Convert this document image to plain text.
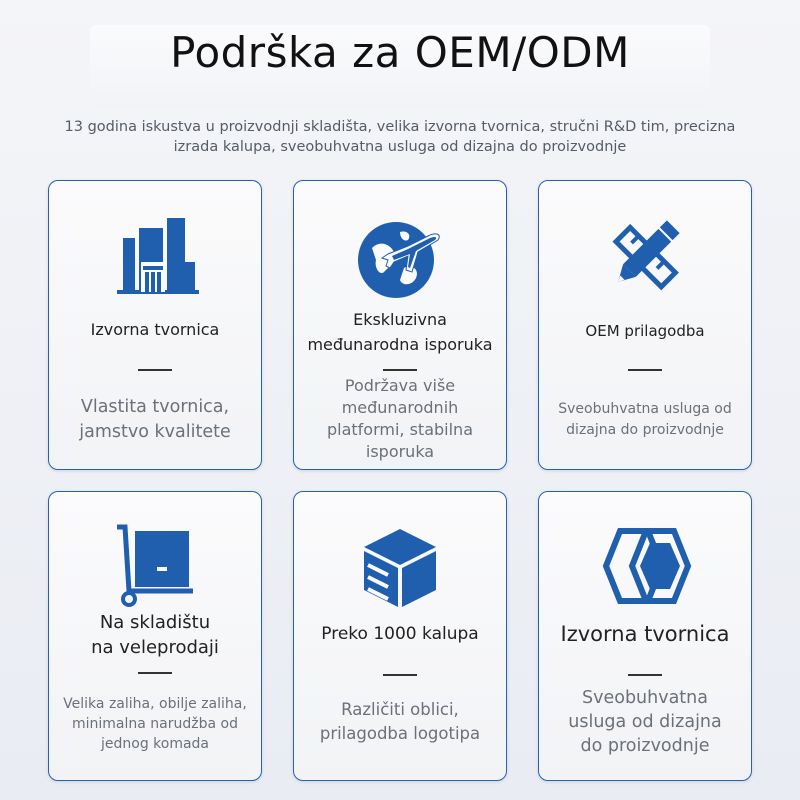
Podrška za OEM/ODM
13 godina iskustva u proizvodnji skladišta, velika izvorna tvornica, stručni R&D tim, precizna
izrada kalupa, sveobuhvatna usluga od dizajna do proizvodnje
Izvorna tvornica
Vlastita tvornica,
jamstvo kvalitete
Ekskluzivna
međunarodna isporuka
Podržava više
međunarodnih
platformi, stabilna
isporuka
OEM prilagodba
Sveobuhvatna usluga od
dizajna do proizvodnje
Na skladištu
na veleprodaji
Velika zaliha, obilje zaliha,
minimalna narudžba od
jednog komada
Preko 1000 kalupa
Različiti oblici,
prilagodba logotipa
Izvorna tvornica
Sveobuhvatna
usluga od dizajna
do proizvodnje
